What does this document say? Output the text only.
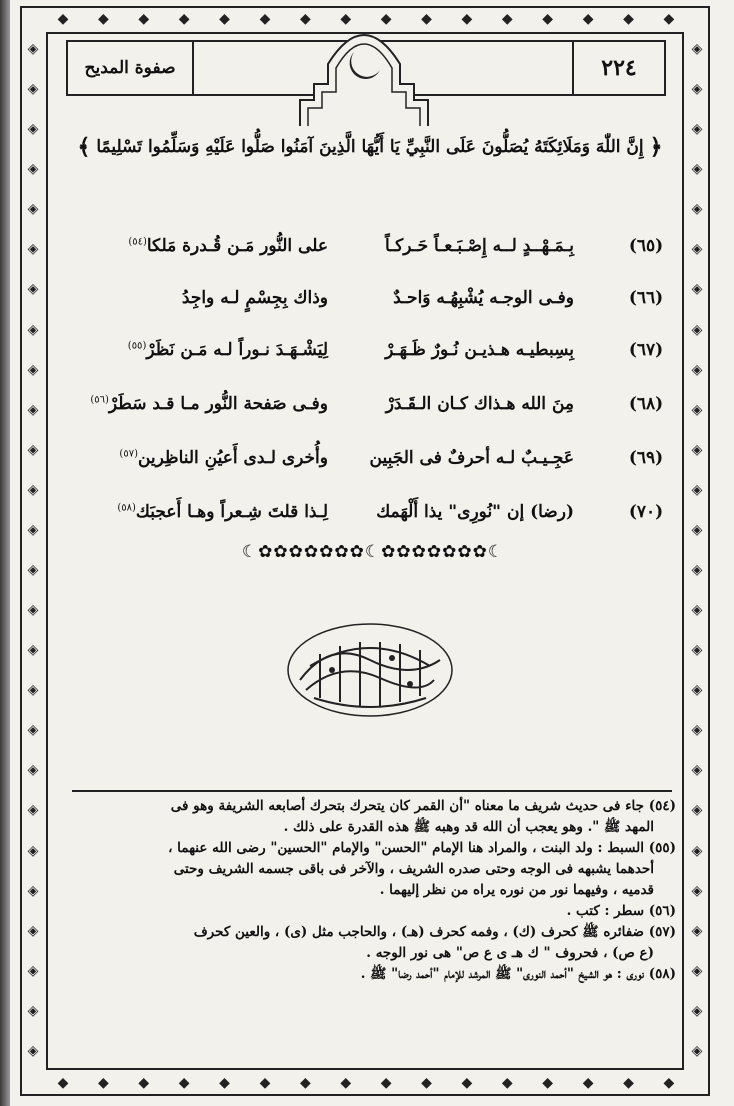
◈
◈
◈
◈
◈
◈
◈
◈
◈
◈
◈
◈
◈
◈
◈
◈
◈
◈
◈
◈
◈
◈
◈
◈
◈
◈
◈
◈
◈
◈
◈
◈
◈
◈
◈
◈
◈
◈
◈
◈
◈
◈
◈
◈
◈
◈
◈
◈
◈
◈
◈
◈
◆ ◆ ◆ ◆ ◆ ◆ ◆ ◆ ◆ ◆ ◆ ◆ ◆ ◆ ◆ ◆
◆ ◆ ◆ ◆ ◆ ◆ ◆ ◆ ◆ ◆ ◆ ◆ ◆ ◆ ◆ ◆
صفوة المديح	٢٢٤
﴿
إِنَّ اللّٰهَ وَمَلَائِكَتَهُ يُصَلُّونَ عَلَى النَّبِيِّ يَا أَيُّهَا الَّذِينَ آمَنُوا صَلُّوا عَلَيْهِ وَسَلِّمُوا تَسْلِيمًا
﴾
(٦٥)
بِـمَـهْــدٍ لــه إِصْـبَـعـاً حَـركـاً
على النُّور مَـن قُـدرة مَلكا$^{(٥٤)}$
(٦٦)
وفـى الوجـه يُشْبِهُـه وَاحـدٌ
وذاك بِجِسْمٍ لـه واجِدُ
(٦٧)
بِسِبطيـه هـذيـن نُـورٌ ظَـهَـرْ
لِيَشْـهَـدَ نـوراً لـه مَـن نَظَرْ$^{(٥٥)}$
(٦٨)
مِنَ الله هـذاك كـان الـقَـدَرْ
وفـى صَفحة النُّور مـا قـد سَطَرْ$^{(٥٦)}$
(٦٩)
عَجِـيـبٌ لـه أحرفٌ فى الجَبِين
وأُخرى لـدى أَعيُنِ الناظِرين$^{(٥٧)}$
(٧٠)
(رضا) إن "نُورِى" يذا أَلْهَمك
لِـذا قلتَ شِـعراً وهـا أَعجبَك$^{(٥٨)}$
☾✿✿✿✿✿✿✿☾✿✿✿✿✿✿✿☾
(٥٤) جاء فى حديث شريف ما معناه "أن القمر كان يتحرك بتحرك أصابعه الشريفة وهو فى
المهد ﷺ ". وهو يعجب أن الله قد وهبه ﷺ هذه القدرة على ذلك .
(٥٥) السبط : ولد البنت ، والمراد هنا الإمام "الحسن" والإمام "الحسين" رضى الله عنهما ،
أحدهما يشبهه فى الوجه وحتى صدره الشريف ، والآخر فى باقى جسمه الشريف وحتى
قدميه ، وفيهما نور من نوره يراه من نظر إليهما .
(٥٦) سطر : كتب .
(٥٧) ضفائره ﷺ كحرف (ك) ، وفمه كحرف (هـ) ، والحاجب مثل (ى) ، والعين كحرف
(ع ص) ، فحروف " ك هـ ى ع ص" هى نور الوجه .
(٥٨) نورى : هو الشيخ "أحمد النورى" ﷺ المرشد للإمام "أحمد رضا" ﷺ .
